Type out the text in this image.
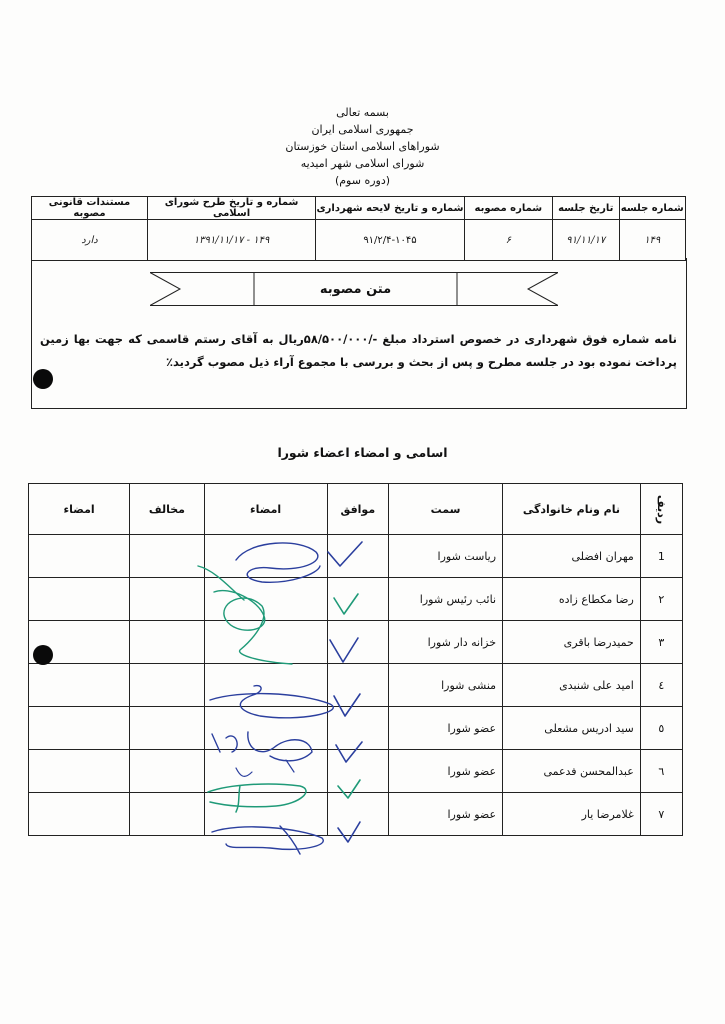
بسمه تعالی
جمهوری اسلامی ایران
شوراهای اسلامی استان خوزستان
شورای اسلامی شهر امیدیه
(دوره سوم)
شماره جلسه	تاریخ جلسه	شماره مصوبه	شماره و تاریخ لایحه شهرداری	شماره و تاریخ طرح شورای اسلامی	مستندات قانونی مصوبه
۱۴۹	۹۱/۱۱/۱۷	۶	۹۱/۲/۴-۱۰۴۵	۱۴۹ - ۱۳۹۱/۱۱/۱۷	دارد
متن مصوبه
نامه شماره فوق شهرداری در خصوص استرداد مبلغ -/۵۸/۵۰۰/۰۰۰ریال به آقای رستم قاسمی که جهت بها زمین پرداخت نموده بود در جلسه مطرح و پس از بحث و بررسی با مجموع آراء ذیل مصوب گردید٪
اسامی و امضاء اعضاء شورا
ردیف	نام ونام خانوادگی	سمت	موافق	امضاء	مخالف	امضاء
1	مهران افضلی	ریاست شورا				
۲	رضا مکطاع زاده	نائب رئیس شورا				
۳	حمیدرضا باقری	خزانه دار شورا				
٤	امید علی شنبدی	منشی شورا				
٥	سید ادریس مشعلی	عضو شورا				
٦	عبدالمحسن فدعمی	عضو شورا				
٧	غلامرضا یار	عضو شورا				
